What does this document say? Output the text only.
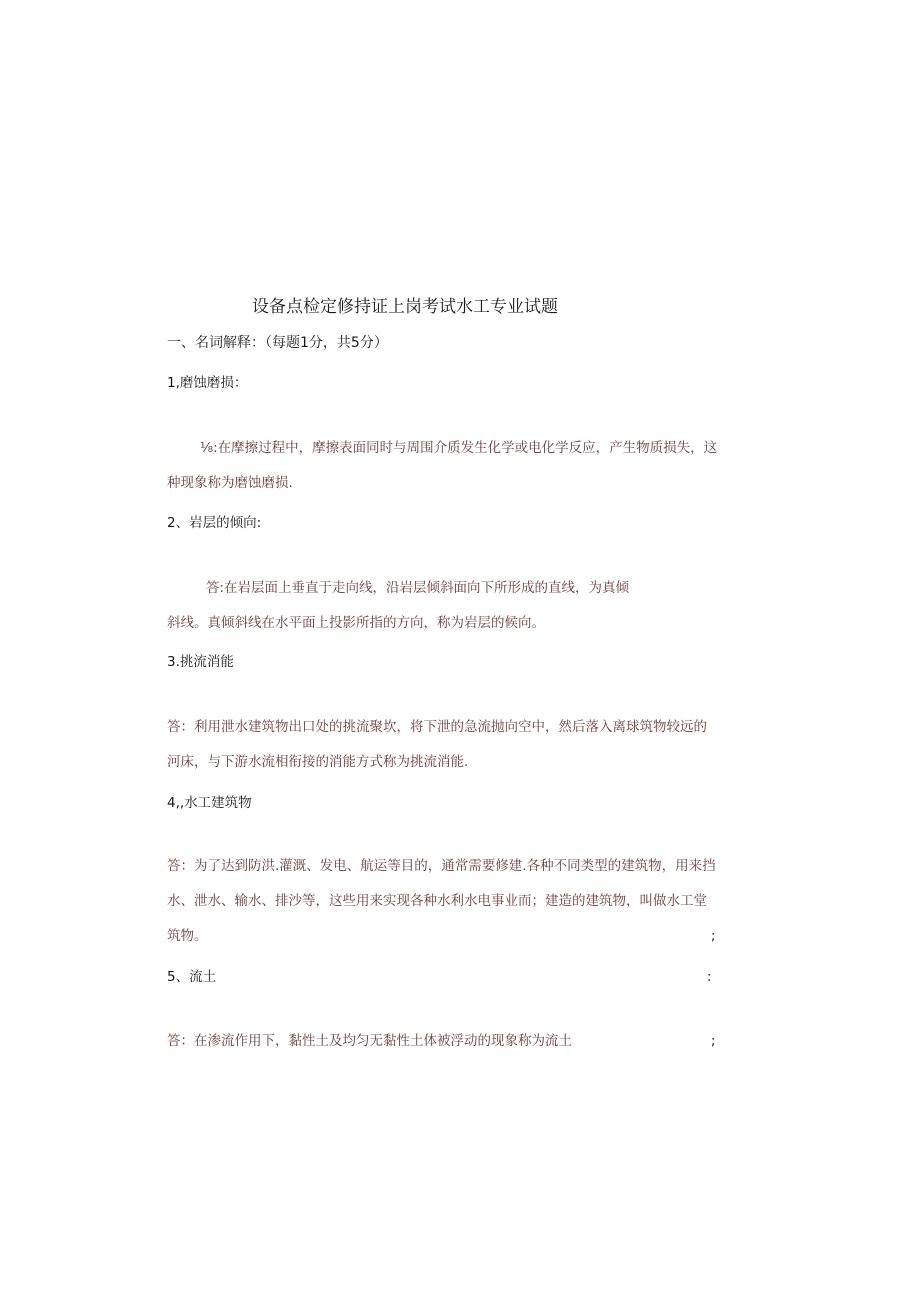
设备点检定修持证上岗考试水工专业试题
一、名词解释：（每题1分，共5分）
1,磨蚀磨损：
⅛:在摩擦过程中，摩擦表面同时与周围介质发生化学或电化学反应，产生物质损失，这
种现象称为磨蚀磨损.
2、岩层的倾向:
答:在岩层面上垂直于走向线，沿岩层倾斜面向下所形成的直线，为真倾
斜线。真倾斜线在水平面上投影所指的方向，称为岩层的候向。
3.挑流消能
答：利用泄水建筑物出口处的挑流聚坎，将下泄的急流抛向空中，然后落入离球筑物较远的
河床，与下游水流相衔接的消能方式称为挑流消能.
4,,水工建筑物
答：为了达到防洪.灌溉、发电、航运等目的，通常需要修建.各种不同类型的建筑物，用来挡
水、泄水、输水、排沙等，这些用来实现各种水利水电事业而；建造的建筑物，叫做水工堂
筑物。	;
5、流土	:
答：在渗流作用下，黏性土及均匀无黏性土体被浮动的现象称为流土	;
